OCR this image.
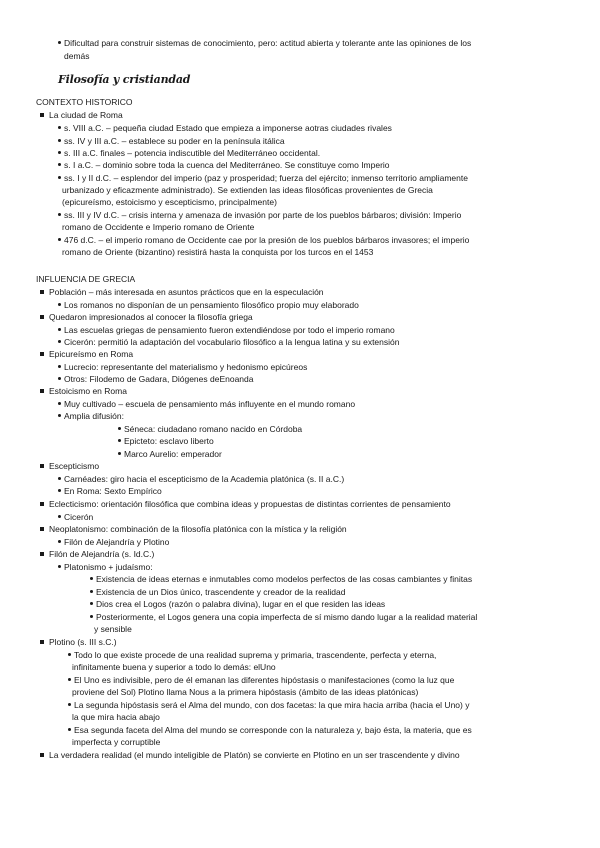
Dificultad para construir sistemas de conocimiento, pero: actitud abierta y tolerante ante las opiniones de los
demás
Filosofía y cristiandad
CONTEXTO HISTORICO
La ciudad de Roma
s. VIII a.C. – pequeña ciudad Estado que empieza a imponerse aotras ciudades rivales
ss. IV y III a.C. – establece su poder en la península itálica
s. III a.C. finales – potencia indiscutible del Mediterráneo occidental.
s. I a.C. – dominio sobre toda la cuenca del Mediterráneo. Se constituye como Imperio
ss. I y II d.C. – esplendor del imperio (paz y prosperidad; fuerza del ejército; inmenso territorio ampliamente
urbanizado y eficazmente administrado). Se extienden las ideas filosóficas provenientes de Grecia
(epicureísmo, estoicismo y escepticismo, principalmente)
ss. III y IV d.C. – crisis interna y amenaza de invasión por parte de los pueblos bárbaros; división: Imperio
romano de Occidente e Imperio romano de Oriente
476 d.C. – el imperio romano de Occidente cae por la presión de los pueblos bárbaros invasores; el imperio
romano de Oriente (bizantino) resistirá hasta la conquista por los turcos en el 1453
INFLUENCIA DE GRECIA
Población – más interesada en asuntos prácticos que en la especulación
Los romanos no disponían de un pensamiento filosófico propio muy elaborado
Quedaron impresionados al conocer la filosofía griega
Las escuelas griegas de pensamiento fueron extendiéndose por todo el imperio romano
Cicerón: permitió la adaptación del vocabulario filosófico a la lengua latina y su extensión
Epicureísmo en Roma
Lucrecio: representante del materialismo y hedonismo epicúreos
Otros: Filodemo de Gadara, Diógenes deEnoanda
Estoicismo en Roma
Muy cultivado – escuela de pensamiento más influyente en el mundo romano
Amplia difusión:
Séneca: ciudadano romano nacido en Córdoba
Epicteto: esclavo liberto
Marco Aurelio: emperador
Escepticismo
Carnéades: giro hacia el escepticismo de la Academia platónica (s. II a.C.)
En Roma: Sexto Empírico
Eclecticismo: orientación filosófica que combina ideas y propuestas de distintas corrientes de pensamiento
Cicerón
Neoplatonismo: combinación de la filosofía platónica con la mística y la religión
Filón de Alejandría y Plotino
Filón de Alejandría (s. Id.C.)
Platonismo + judaísmo:
Existencia de ideas eternas e inmutables como modelos perfectos de las cosas cambiantes y finitas
Existencia de un Dios único, trascendente y creador de la realidad
Dios crea el Logos (razón o palabra divina), lugar en el que residen las ideas
Posteriormente, el Logos genera una copia imperfecta de sí mismo dando lugar a la realidad material
y sensible
Plotino (s. III s.C.)
Todo lo que existe procede de una realidad suprema y primaria, trascendente, perfecta y eterna,
infinitamente buena y superior a todo lo demás: elUno
El Uno es indivisible, pero de él emanan las diferentes hipóstasis o manifestaciones (como la luz que
proviene del Sol) Plotino llama Nous a la primera hipóstasis (ámbito de las ideas platónicas)
La segunda hipóstasis será el Alma del mundo, con dos facetas: la que mira hacia arriba (hacia el Uno) y
la que mira hacia abajo
Esa segunda faceta del Alma del mundo se corresponde con la naturaleza y, bajo ésta, la materia, que es
imperfecta y corruptible
La verdadera realidad (el mundo inteligible de Platón) se convierte en Plotino en un ser trascendente y divino
